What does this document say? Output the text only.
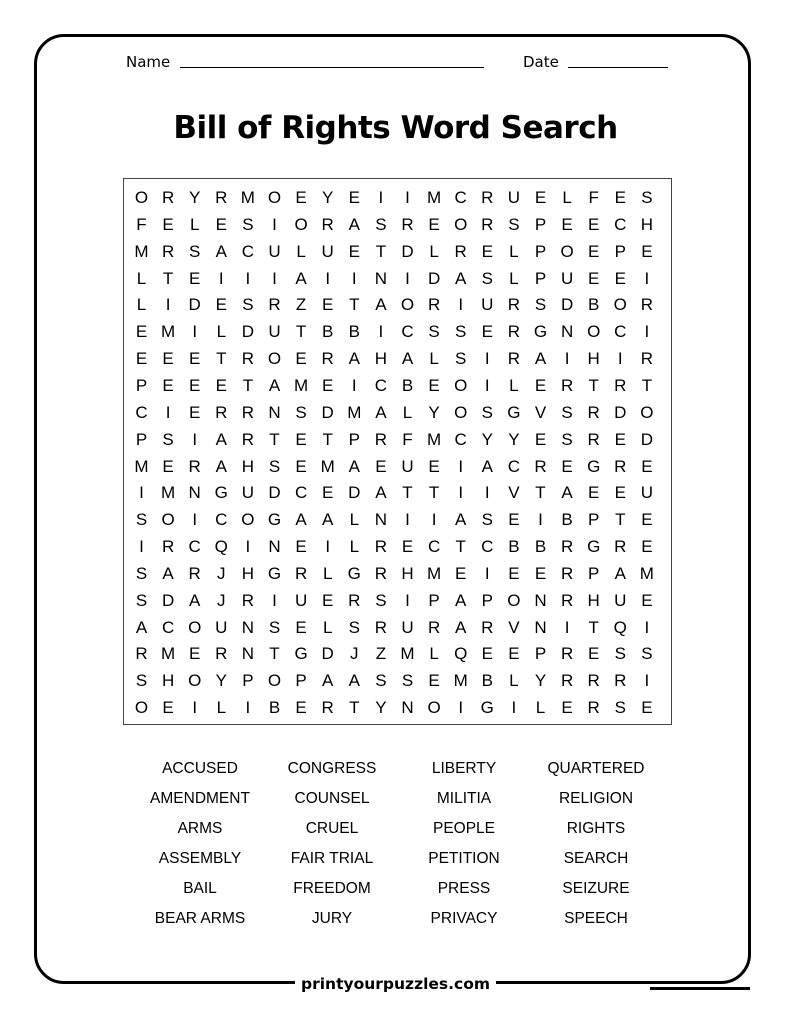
Name	Date
Bill of Rights Word Search
O R Y R M O E Y E	I	I M C R U E L F E S
F E L E S	I	O R A S R E O R S P E E C H
M R S A C U L U E T D L R E L P O E P E
L T E	I	I	I	A	I	I	N	I	D A S L P U E E	I
L	I	D E S R Z E T A O R	I	U R S D B O R
E M I	L D U T B B	I	C S S E R G N O C	I
E E E T R O E R A H A L S	I	R A	I	H	I	R
P E E E T A M E	I	C B E O	I	L E R T R T
C	I	E R R N S D M A L Y O S G V S R D O
P S	I	A R T E T P R F M C Y Y E S R E D
M E R A H S E M A E U E	I	A C R E G R E
I M N G U D C E D A T T	I	I	V T A E E U
S O	I	C O G A A L N	I	I	A S E	I	B P T E
I	R C Q	I	N E	I	L R E C T C B B R G R E
S A R J H G R L G R H M E	I	E E R P A M
S D A J R	I	U E R S	I	P A P O N R H U E
A C O U N S E L S R U R A R V N	I	T Q	I
R M E R N T G D J Z M L Q E E P R E S S
S H O Y P O P A A S S E M B L Y R R R	I
O E	I	L	I	B E R T Y N O	I	G	I	L E R S E
ACCUSED	CONGRESS	LIBERTY	QUARTERED
AMENDMENT	COUNSEL	MILITIA	RELIGION
ARMS	CRUEL	PEOPLE	RIGHTS
ASSEMBLY	FAIR TRIAL	PETITION	SEARCH
BAIL	FREEDOM	PRESS	SEIZURE
BEAR ARMS	JURY	PRIVACY	SPEECH
printyourpuzzles.com
